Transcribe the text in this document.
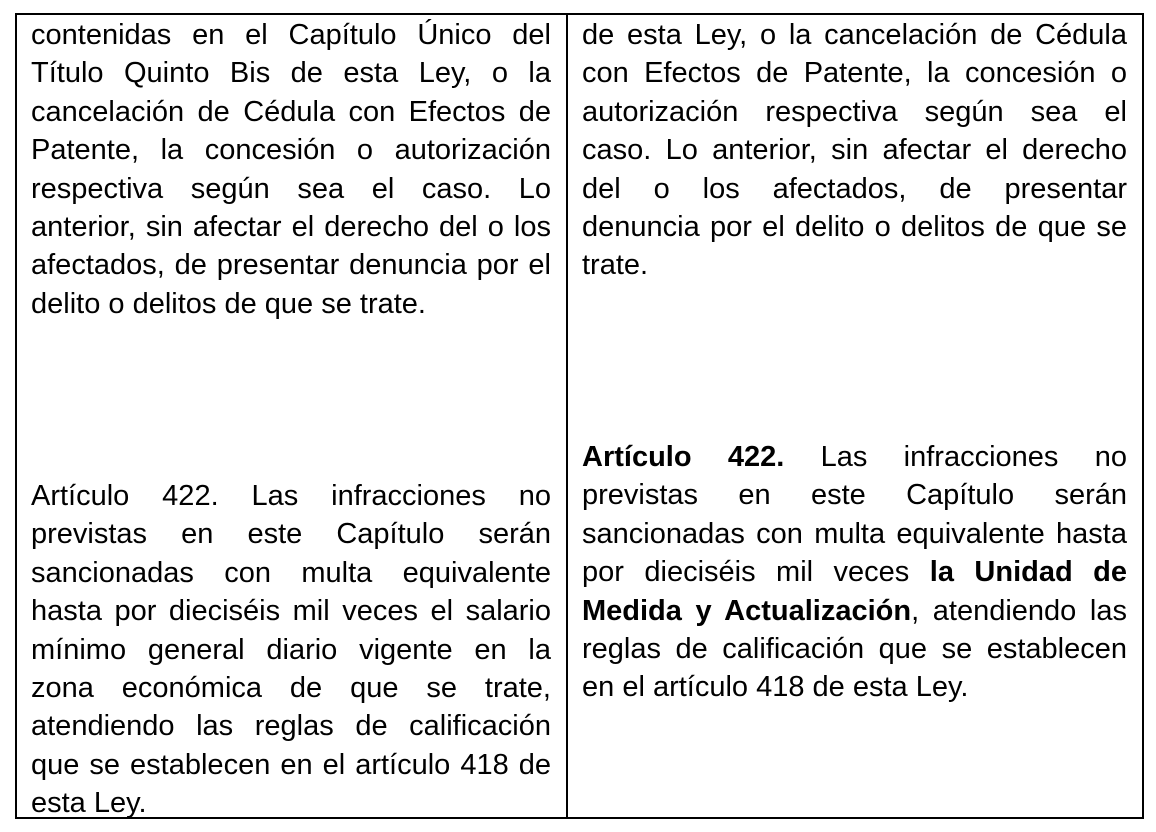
contenidas en el Capítulo Único del Título Quinto Bis de esta Ley, o la cancelación de Cédula con Efectos de Patente, la concesión o autorización respectiva según sea el caso. Lo anterior, sin afectar el derecho del o los afectados, de presentar denuncia por el delito o delitos de que se trate.

Artículo 422. Las infracciones no previstas en este Capítulo serán sancionadas con multa equivalente hasta por dieciséis mil veces el salario mínimo general diario vigente en la zona económica de que se trate, atendiendo las reglas de calificación que se establecen en el artículo 418 de esta Ley.

de esta Ley, o la cancelación de Cédula con Efectos de Patente, la concesión o autorización respectiva según sea el caso. Lo anterior, sin afectar el derecho del o los afectados, de presentar denuncia por el delito o delitos de que se trate.

Artículo 422. Las infracciones no previstas en este Capítulo serán sancionadas con multa equivalente hasta por dieciséis mil veces la Unidad de Medida y Actualización, atendiendo las reglas de calificación que se establecen en el artículo 418 de esta Ley.
